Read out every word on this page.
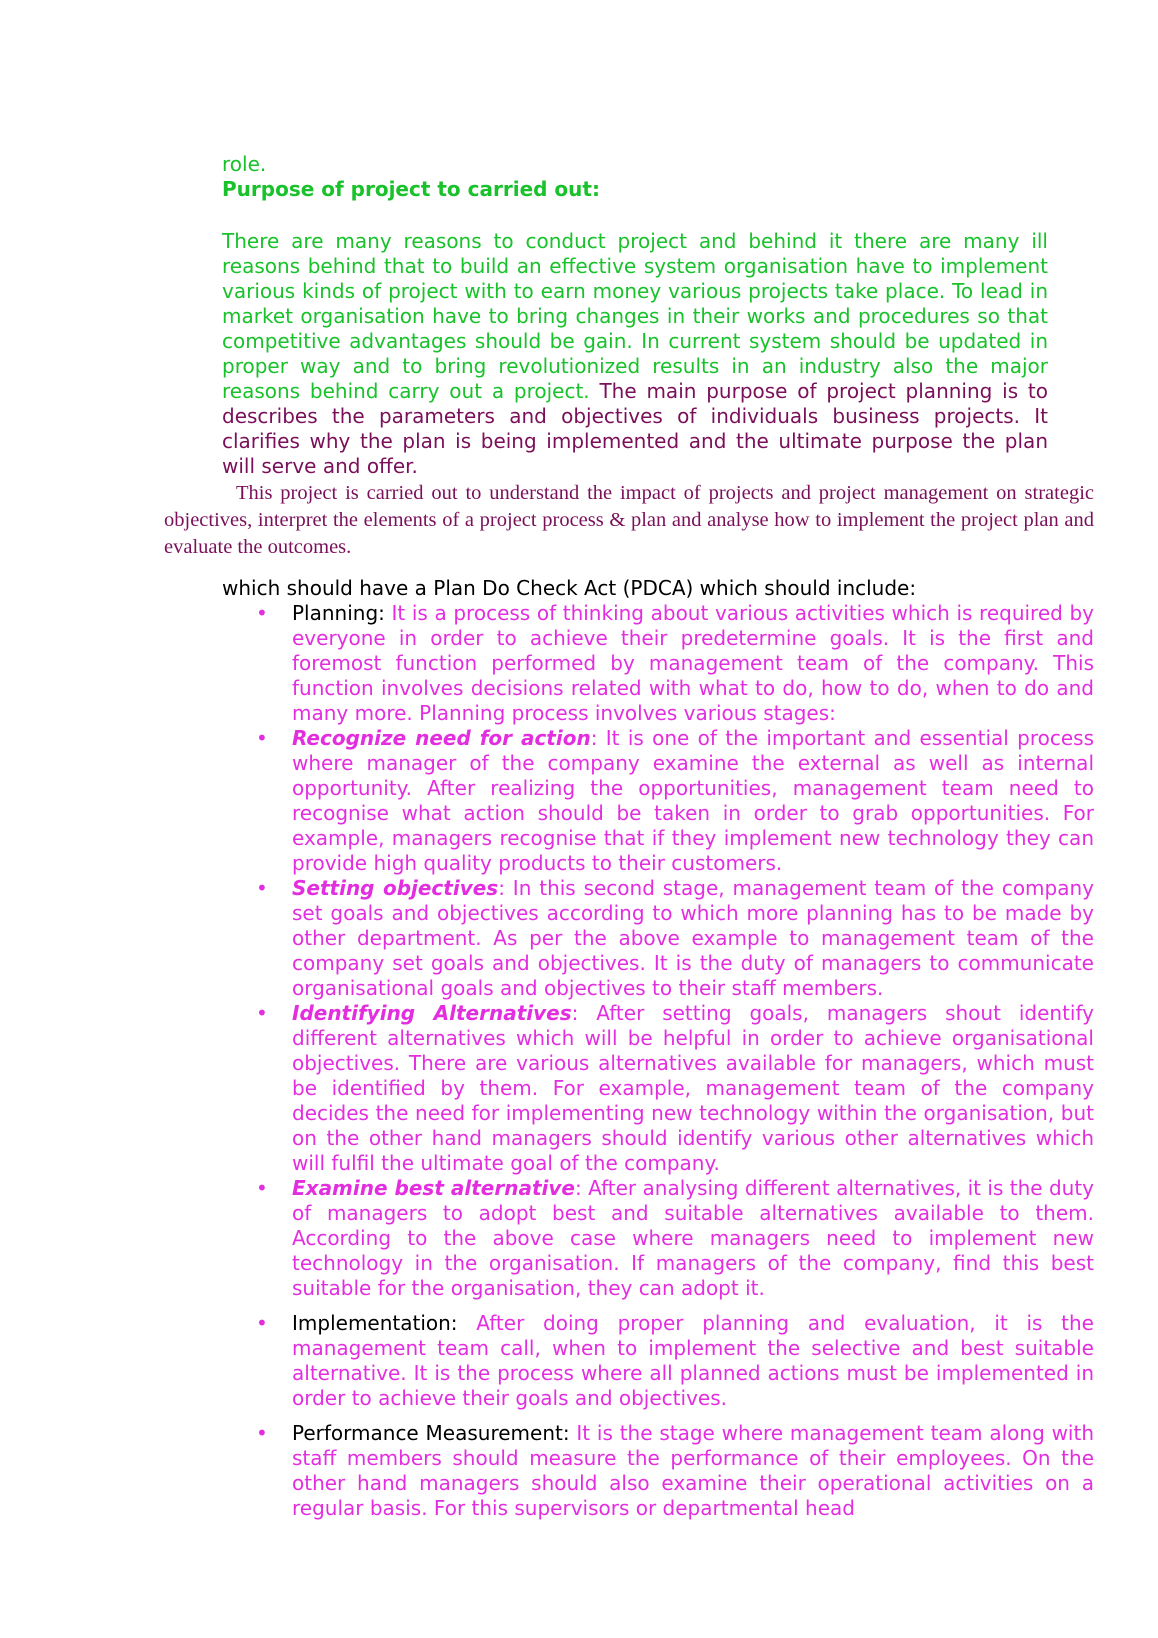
role.
Purpose of project to carried out:
There are many reasons to conduct project and behind it there are many ill reasons behind that to build an effective system organisation have to implement various kinds of project with to earn money various projects take place. To lead in market organisation have to bring changes in their works and procedures so that competitive advantages should be gain. In current system should be updated in proper way and to bring revolutionized results in an industry also the major reasons behind carry out a project. The main purpose of project planning is to describes the parameters and objectives of individuals business projects. It clarifies why the plan is being implemented and the ultimate purpose the plan will serve and offer.
This project is carried out to understand the impact of projects and project management on strategic objectives, interpret the elements of a project process & plan and analyse how to implement the project plan and evaluate the outcomes.
which should have a Plan Do Check Act (PDCA) which should include:
• Planning: It is a process of thinking about various activities which is required by everyone in order to achieve their predetermine goals. It is the first and foremost function performed by management team of the company. This function involves decisions related with what to do, how to do, when to do and many more. Planning process involves various stages:
• Recognize need for action: It is one of the important and essential process where manager of the company examine the external as well as internal opportunity. After realizing the opportunities, management team need to recognise what action should be taken in order to grab opportunities. For example, managers recognise that if they implement new technology they can provide high quality products to their customers.
• Setting objectives: In this second stage, management team of the company set goals and objectives according to which more planning has to be made by other department. As per the above example to management team of the company set goals and objectives. It is the duty of managers to communicate organisational goals and objectives to their staff members.
• Identifying Alternatives: After setting goals, managers shout identify different alternatives which will be helpful in order to achieve organisational objectives. There are various alternatives available for managers, which must be identified by them. For example, management team of the company decides the need for implementing new technology within the organisation, but on the other hand managers should identify various other alternatives which will fulfil the ultimate goal of the company.
• Examine best alternative: After analysing different alternatives, it is the duty of managers to adopt best and suitable alternatives available to them. According to the above case where managers need to implement new technology in the organisation. If managers of the company, find this best suitable for the organisation, they can adopt it.
• Implementation: After doing proper planning and evaluation, it is the management team call, when to implement the selective and best suitable alternative. It is the process where all planned actions must be implemented in order to achieve their goals and objectives.
• Performance Measurement: It is the stage where management team along with staff members should measure the performance of their employees. On the other hand managers should also examine their operational activities on a regular basis. For this supervisors or departmental head
